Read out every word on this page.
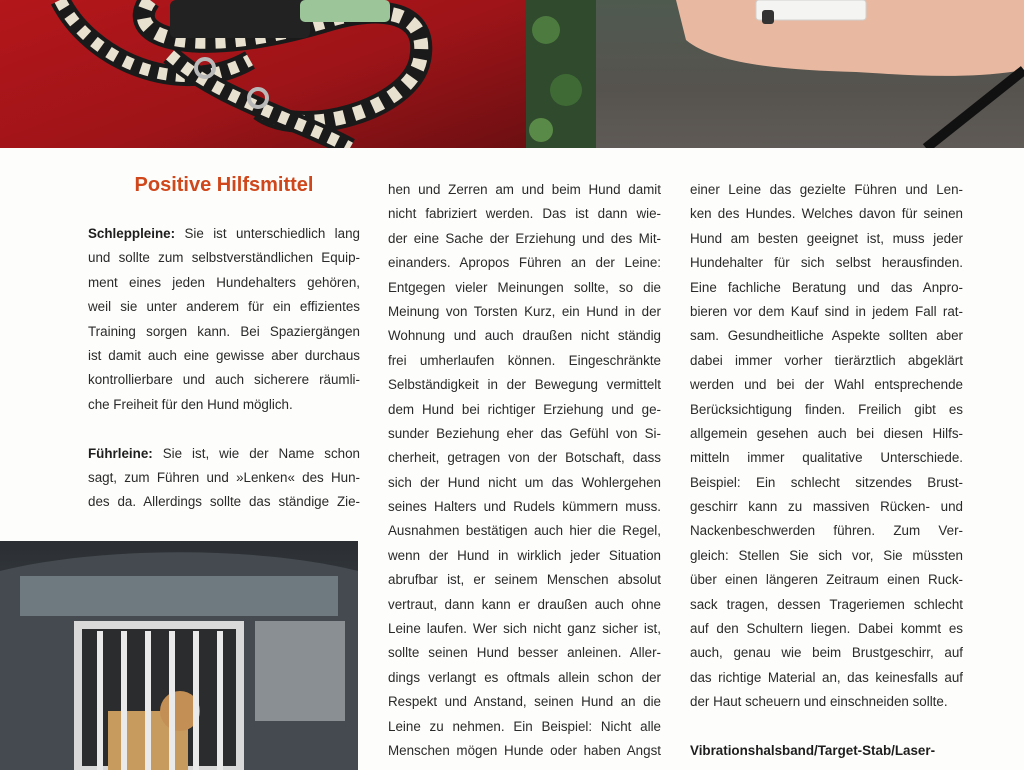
Positive Hilfsmittel
Schleppleine: Sie ist unterschiedlich lang
und sollte zum selbstverständlichen Equip-
ment eines jeden Hundehalters gehören,
weil sie unter anderem für ein effizientes
Training sorgen kann. Bei Spaziergängen
ist damit auch eine gewisse aber durchaus
kontrollierbare und auch sicherere räumli-
che Freiheit für den Hund möglich.
Führleine: Sie ist, wie der Name schon
sagt, zum Führen und »Lenken« des Hun-
des da. Allerdings sollte das ständige Zie-
hen und Zerren am und beim Hund damit
nicht fabriziert werden. Das ist dann wie-
der eine Sache der Erziehung und des Mit-
einanders. Apropos Führen an der Leine:
Entgegen vieler Meinungen sollte, so die
Meinung von Torsten Kurz, ein Hund in der
Wohnung und auch draußen nicht ständig
frei umherlaufen können. Eingeschränkte
Selbständigkeit in der Bewegung vermittelt
dem Hund bei richtiger Erziehung und ge-
sunder Beziehung eher das Gefühl von Si-
cherheit, getragen von der Botschaft, dass
sich der Hund nicht um das Wohlergehen
seines Halters und Rudels kümmern muss.
Ausnahmen bestätigen auch hier die Regel,
wenn der Hund in wirklich jeder Situation
abrufbar ist, er seinem Menschen absolut
vertraut, dann kann er draußen auch ohne
Leine laufen. Wer sich nicht ganz sicher ist,
sollte seinen Hund besser anleinen. Aller-
dings verlangt es oftmals allein schon der
Respekt und Anstand, seinen Hund an die
Leine zu nehmen. Ein Beispiel: Nicht alle
Menschen mögen Hunde oder haben Angst
einer Leine das gezielte Führen und Len-
ken des Hundes. Welches davon für seinen
Hund am besten geeignet ist, muss jeder
Hundehalter für sich selbst herausfinden.
Eine fachliche Beratung und das Anpro-
bieren vor dem Kauf sind in jedem Fall rat-
sam. Gesundheitliche Aspekte sollten aber
dabei immer vorher tierärztlich abgeklärt
werden und bei der Wahl entsprechende
Berücksichtigung finden. Freilich gibt es
allgemein gesehen auch bei diesen Hilfs-
mitteln immer qualitative Unterschiede.
Beispiel: Ein schlecht sitzendes Brust-
geschirr kann zu massiven Rücken- und
Nackenbeschwerden führen. Zum Ver-
gleich: Stellen Sie sich vor, Sie müssten
über einen längeren Zeitraum einen Ruck-
sack tragen, dessen Trageriemen schlecht
auf den Schultern liegen. Dabei kommt es
auch, genau wie beim Brustgeschirr, auf
das richtige Material an, das keinesfalls auf
der Haut scheuern und einschneiden sollte.
Vibrationshalsband/Target-Stab/Laser-
